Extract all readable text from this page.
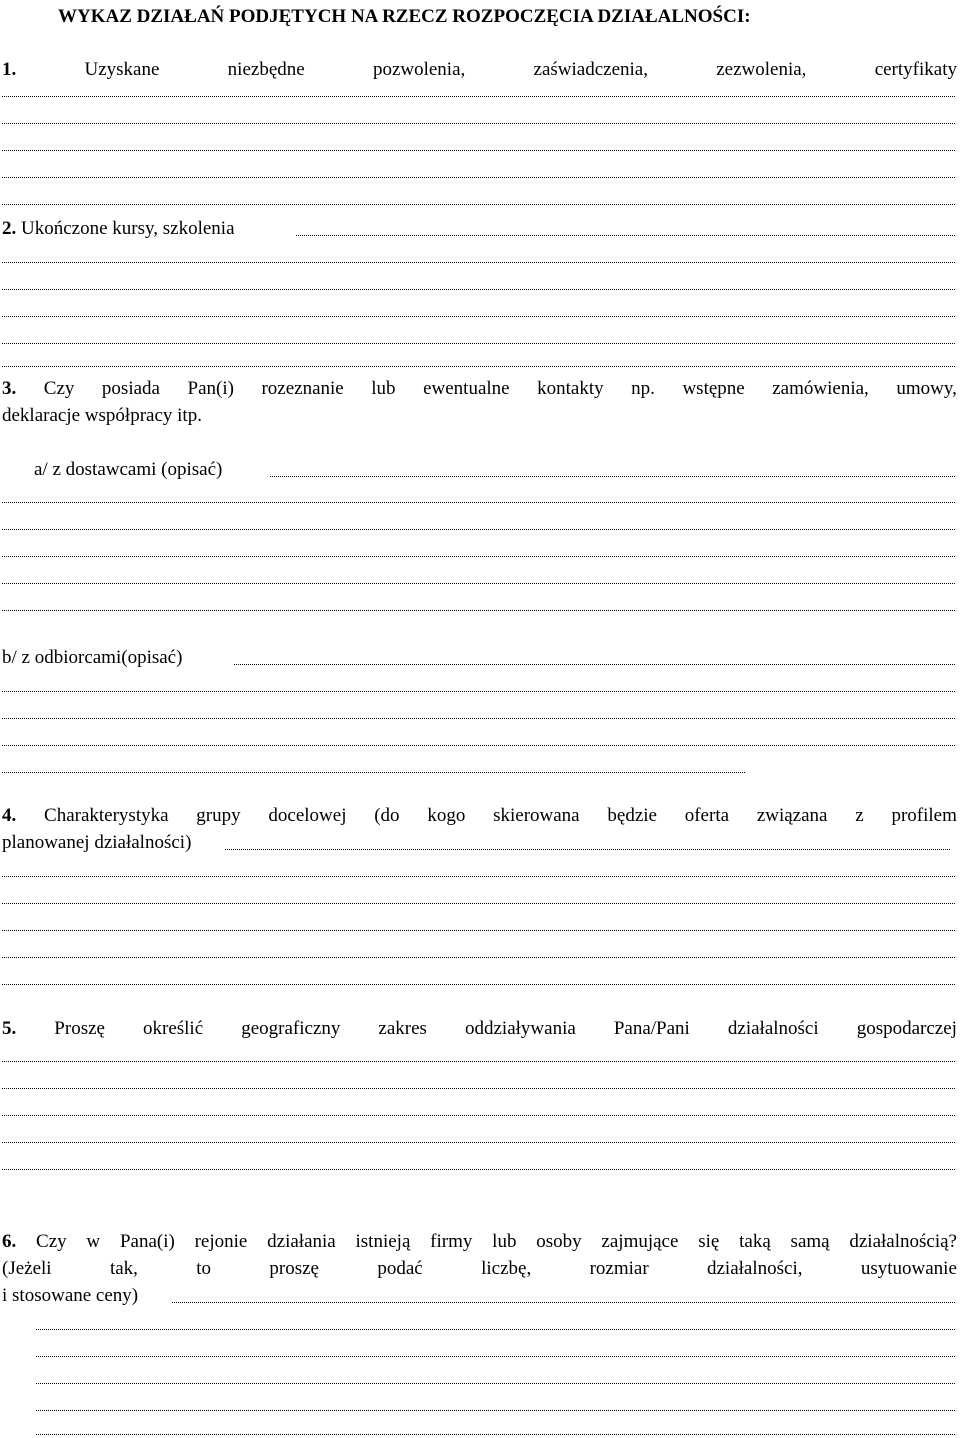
WYKAZ DZIAŁAŃ PODJĘTYCH NA RZECZ ROZPOCZĘCIA DZIAŁALNOŚCI:
1.	Uzyskane	niezbędne	pozwolenia,	zaświadczenia,	zezwolenia,	certyfikaty
2. Ukończone kursy, szkolenia
3. Czy posiada Pan(i) rozeznanie lub ewentualne kontakty np. wstępne zamówienia, umowy,
deklaracje współpracy itp.
a/ z dostawcami (opisać)
b/ z odbiorcami(opisać)
4. Charakterystyka grupy docelowej (do kogo skierowana będzie oferta związana z profilem
planowanej działalności)
5. Proszę określić geograficzny zakres oddziaływania Pana/Pani działalności gospodarczej
6. Czy w Pana(i) rejonie działania istnieją firmy lub osoby zajmujące się taką samą działalnością?
(Jeżeli	tak,	to	proszę	podać	liczbę,	rozmiar	działalności,	usytuowanie
i stosowane ceny)
